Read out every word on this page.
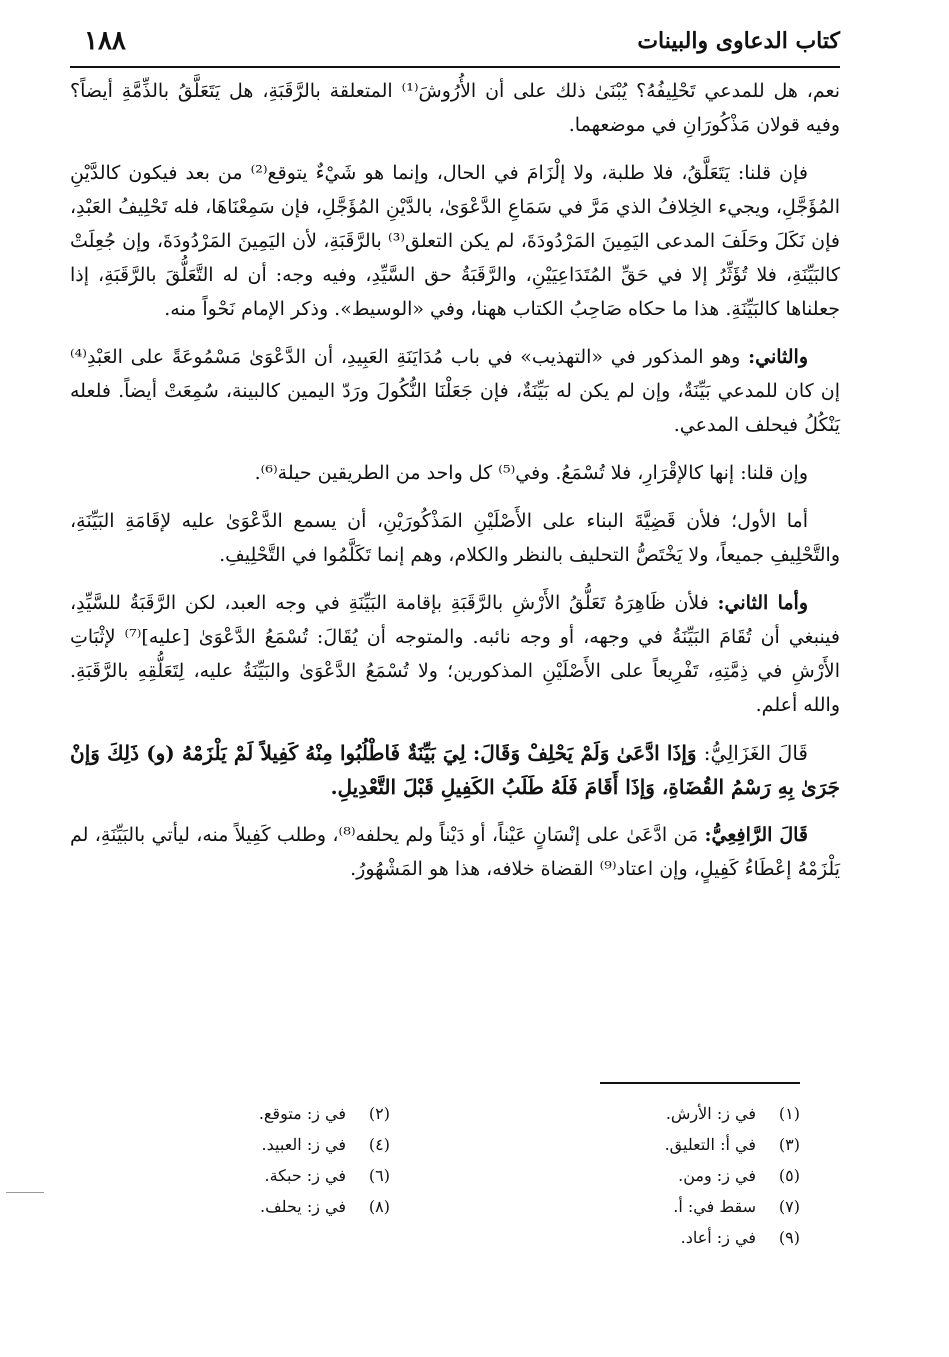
كتاب الدعاوى والبينات
١٨٨

نعم، هل للمدعي تَحْلِيفُهُ؟ يُبْنَىٰ ذلك على أن الأُرُوشَ⁽¹⁾ المتعلقة بالرَّقَبَةِ، هل يَتَعَلَّقُ بالذِّمَّةِ أيضاً؟ وفيه قولان مَذْكُورَانِ في موضعهما.

فإن قلنا: يَتَعَلَّقُ، فلا طلبة، ولا إلْزَامَ في الحال، وإنما هو شَيْءٌ يتوقع⁽²⁾ من بعد فيكون كالدَّيْنِ المُؤَجَّلِ، ويجيء الخِلافُ الذي مَرَّ في سَمَاعِ الدَّعْوَىٰ، بالدَّيْنِ المُؤَجَّلِ، فإن سَمِعْنَاهَا، فله تَحْلِيفُ العَبْدِ، فإن نَكَلَ وحَلَفَ المدعى اليَمِينَ المَرْدُودَةَ، لم يكن التعلق⁽³⁾ بالرَّقَبَةِ، لأن اليَمِينَ المَرْدُودَةَ، وإن جُعِلَتْ كالبَيِّنَةِ، فلا تُؤَثِّرُ إلا في حَقِّ المُتَدَاعِيَيْنِ، والرَّقَبَةُ حق السَّيِّدِ، وفيه وجه: أن له التَّعَلُّقَ بالرَّقَبَةِ، إذا جعلناها كالبَيِّنَةِ. هذا ما حكاه صَاحِبُ الكتاب ههنا، وفي «الوسيط». وذكر الإمام نَحْواً منه.

والثاني: وهو المذكور في «التهذيب» في باب مُدَايَنَةِ العَبِيدِ، أن الدَّعْوَىٰ مَسْمُوعَةً على العَبْدِ⁽⁴⁾ إن كان للمدعي بَيِّنَةٌ، وإن لم يكن له بَيِّنَةٌ، فإن جَعَلْنَا النُّكُولَ ورَدّ اليمين كالبينة، سُمِعَتْ أيضاً. فلعله يَنْكُلُ فيحلف المدعي.

وإن قلنا: إنها كالإقْرَارِ، فلا تُسْمَعُ. وفي⁽⁵⁾ كل واحد من الطريقين حيلة⁽⁶⁾.

أما الأول؛ فلأن قَضِيَّةَ البناء على الأَصْلَيْنِ المَذْكُورَيْنِ، أن يسمع الدَّعْوَىٰ عليه لإقَامَةِ البَيِّنَةِ، والتَّحْلِيفِ جميعاً، ولا يَخْتَصُّ التحليف بالنظر والكلام، وهم إنما تَكَلَّمُوا في التَّحْلِيفِ.

وأما الثاني: فلأن ظَاهِرَهُ تَعَلُّقُ الأَرْشِ بالرَّقَبَةِ بإقامة البَيِّنَةِ في وجه العبد، لكن الرَّقَبَةُ للسَّيِّدِ، فينبغي أن تُقَامَ البَيِّنَةُ في وجهه، أو وجه نائبه. والمتوجه أن يُقَالَ: تُسْمَعُ الدَّعْوَىٰ [عليه]⁽⁷⁾ لإثْبَاتِ الأَرْشِ في ذِمَّتِهِ، تَفْرِيعاً على الأَصْلَيْنِ المذكورين؛ ولا تُسْمَعُ الدَّعْوَىٰ والبَيِّنَةُ عليه، لِتَعَلُّقِهِ بالرَّقَبَةِ. والله أعلم.

قَالَ الغَزَالِيُّ: وَإذَا ادَّعَىٰ وَلَمْ يَحْلِفْ وَقَالَ: لِيَ بَيِّنَةٌ فَاطْلُبُوا مِنْهُ كَفِيلاً لَمْ يَلْزَمْهُ (و) ذَلِكَ وَإنْ جَرَىٰ بِهِ رَسْمُ القُضَاةِ، وَإذَا أَقَامَ فَلَهُ طَلَبُ الكَفِيلِ قَبْلَ التَّعْدِيلِ.

قَالَ الرَّافِعِيُّ: مَن ادَّعَىٰ على إنْسَانٍ عَيْناً، أو دَيْناً ولم يحلفه⁽⁸⁾، وطلب كَفِيلاً منه، ليأتي بالبَيِّنَةِ، لم يَلْزَمْهُ إعْطَاءُ كَفِيلٍ، وإن اعتاد⁽⁹⁾ القضاة خلافه، هذا هو المَشْهُورُ.

(١)في ز: الأرش.
(٣)في أ: التعليق.
(٥)في ز: ومن.
(٧)سقط في: أ.
(٩)في ز: أعاد.
(٢)في ز: متوقع.
(٤)في ز: العبيد.
(٦)في ز: حبكة.
(٨)في ز: يحلف.
